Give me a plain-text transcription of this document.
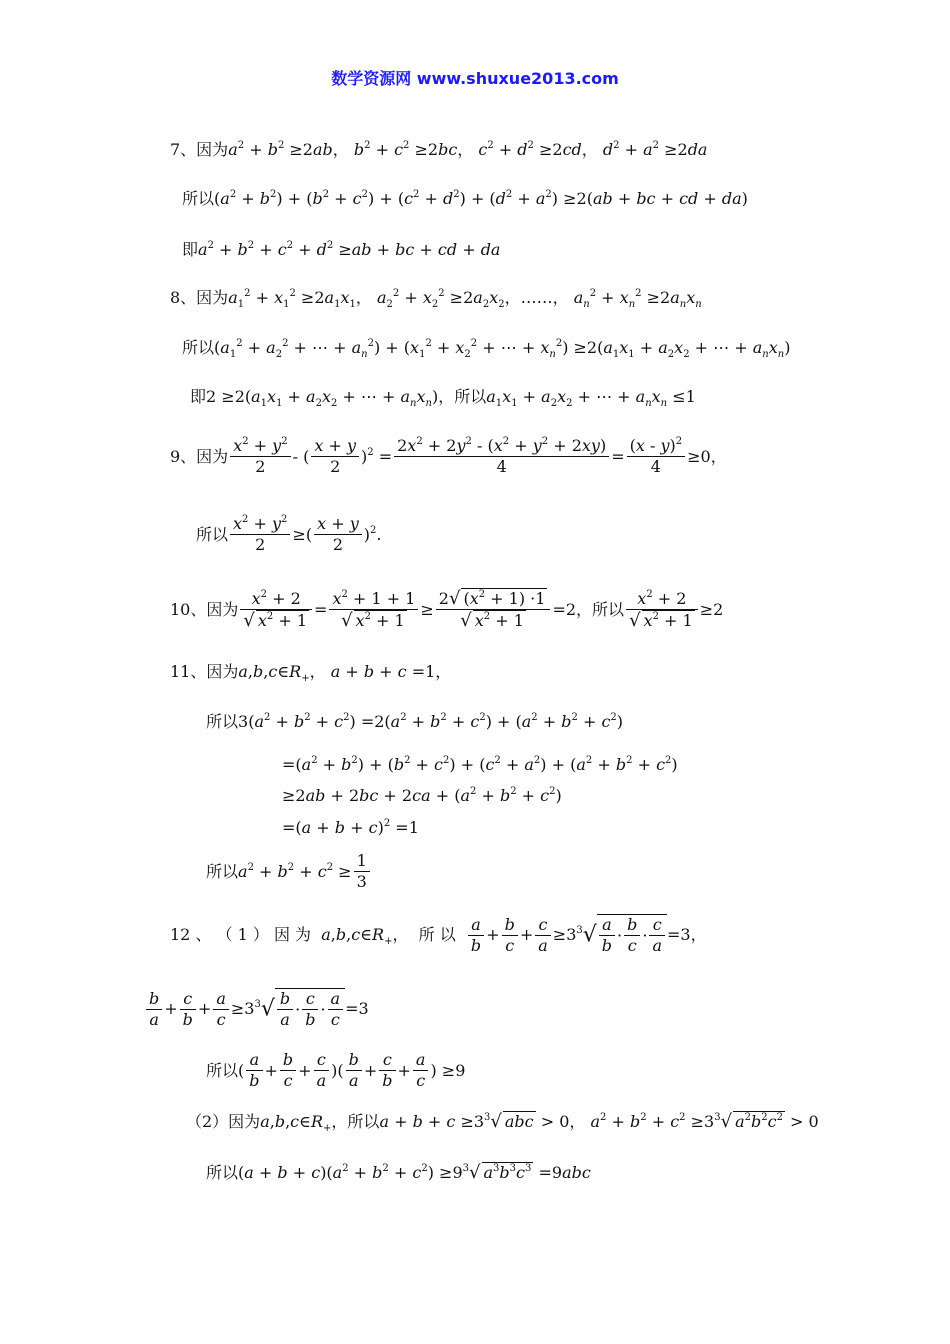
数学资源网 www.shuxue2013.com
7、因为$a^2 + b^2 \ge 2ab$， $b^2 + c^2 \ge 2bc$， $c^2 + d^2 \ge 2cd$， $d^2 + a^2 \ge 2da$
所以$(a^2 + b^2) + (b^2 + c^2) + (c^2 + d^2) + (d^2 + a^2) \ge 2(ab$ + bc + cd + da)
即$a^2 + b^2 + c^2 + d^2 \ge ab$ + bc + cd + da
8、因为$a_1^2 + x_1^2 \ge 2a_1x_1$， $a_2^2 + x_2^2 \ge 2a_2x_2$，……， $a_n^2 + x_n^2 \ge 2a_nx_n$
所以($a_1^2 + a_2^2$ + ⋯ + $a_n^2) + (x_1^2 + x_2^2$ + ⋯ + $x_n^2) \ge 2(a_1x_1 + a_2x_2$ + ⋯ + $a_nx_n$)
即$2 \ge 2(a_1x_1 + a_2x_2$ + ⋯ + $a_nx_n$)，所以$a_1x_1 + a_2x_2$ + ⋯ + $a_nx_n \le 1$
9、因为 $\frac{x^2 + y^2}{2}$ - ( $\frac{x + y}{2} )^2 = \frac{2x^2 + 2y^2 - (x^2 + y^2 + 2xy)}{4} = \frac{(x - y)^2}{4} \ge 0$，
所以 $\frac{x^2 + y^2}{2}$ ≥( $\frac{x + y}{2} )^2$.
10、因为 $\frac{x^2 + 2}{√ x^2 + 1} = \frac{x^2 + 1 + 1}{√ x^2 + 1} \ge \frac{2√ (x^2 + 1) \cdot 1}{√ x^2 + 1} =2$，所以 $\frac{x^2 + 2}{√ x^2 + 1} \ge 2$
11、因为$a,b,c\in R_+$， a + b + c =1，
所以$3(a^2 + b^2 + c^2) =2(a^2 + b^2 + c^2) + (a^2 + b^2 + c^2)$
$=(a^2 + b^2) + (b^2 + c^2) + (c^2 + a^2) + (a^2 + b^2 + c^2)$
$\ge 2ab + 2bc + 2ca + (a^2 + b^2 + c^2)$
$=(a + b + c)^2 =1$
所以$a^2 + b^2 + c^2 \ge \frac{1}{3}$
12 、 （ 1 ） 因 为 $a,b,c\in R_+$，  所 以 $\frac{a}{b} + \frac{b}{c} + \frac{c}{a} \ge 3^3√ \frac{a}{b} \cdot \frac{b}{c} \cdot \frac{c}{a} =3$，
$\frac{b}{a} + \frac{c}{b} + \frac{a}{c} \ge 3^3√ \frac{b}{a} \cdot \frac{c}{b} \cdot \frac{a}{c} =3$
所以( $\frac{a}{b} + \frac{b}{c} + \frac{c}{a}$ )( $\frac{b}{a} + \frac{c}{b} + \frac{a}{c}$ ) ≥9
（2）因为$a,b,c\in R_+$，所以$a + b + c \ge 3^3√$ abc > 0， $a^2 + b^2 + c^2 \ge 3^3√$ $a^2b^2c^2 > 0$
所以$(a + b + c)(a^2 + b^2 + c^2) \ge 9^3√$ $a^3b^3c^3 =9abc$
